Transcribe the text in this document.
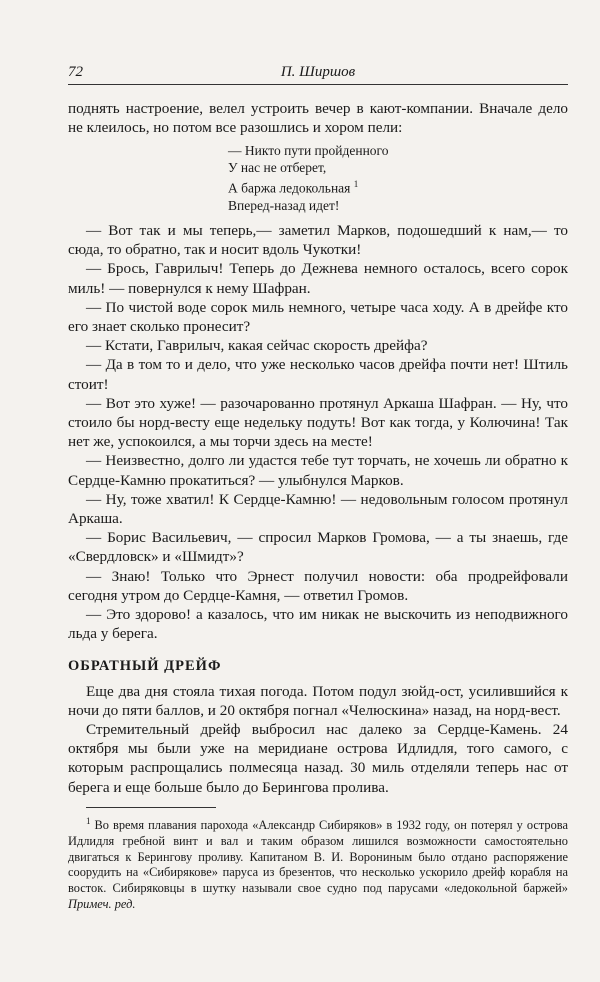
72	П. Ширшов

поднять настроение, велел устроить вечер в кают-компании. Вначале дело не клеилось, но потом все разошлись и хором пели:

— Никто пути пройденного
У нас не отберет,
А баржа ледокольная $^1$
Вперед-назад идет!

— Вот так и мы теперь,— заметил Марков, подошедший к нам,— то сюда, то обратно, так и носит вдоль Чукотки!

— Брось, Гаврилыч! Теперь до Дежнева немного осталось, всего сорок миль! — повернулся к нему Шафран.

— По чистой воде сорок миль немного, четыре часа ходу. А в дрейфе кто его знает сколько пронесит?

— Кстати, Гаврилыч, какая сейчас скорость дрейфа?

— Да в том то и дело, что уже несколько часов дрейфа почти нет! Штиль стоит!

— Вот это хуже! — разочарованно протянул Аркаша Шафран. — Ну, что стоило бы норд-весту еще недельку подуть! Вот как тогда, у Колючина! Так нет же, успокоился, а мы торчи здесь на месте!

— Неизвестно, долго ли удастся тебе тут торчать, не хочешь ли обратно к Сердце-Камню прокатиться? — улыбнулся Марков.

— Ну, тоже хватил! К Сердце-Камню! — недовольным голосом протянул Аркаша.

— Борис Васильевич, — спросил Марков Громова, — а ты знаешь, где «Свердловск» и «Шмидт»?

— Знаю! Только что Эрнест получил новости: оба продрейфовали сегодня утром до Сердце-Камня, — ответил Громов.

— Это здорово! а казалось, что им никак не выскочить из неподвижного льда у берега.

ОБРАТНЫЙ ДРЕЙФ

Еще два дня стояла тихая погода. Потом подул зюйд-ост, усилившийся к ночи до пяти баллов, и 20 октября погнал «Челюскина» назад, на норд-вест.

Стремительный дрейф выбросил нас далеко за Сердце-Камень. 24 октября мы были уже на меридиане острова Идлидля, того самого, с которым распрощались полмесяца назад. 30 миль отделяли теперь нас от берега и еще больше было до Берингова пролива.

$^1$ Во время плавания парохода «Александр Сибиряков» в 1932 году, он потерял у острова Идлидля гребной винт и вал и таким образом лишился возможности самостоятельно двигаться к Берингову проливу. Капитаном В. И. Ворониным было отдано распоряжение соорудить на «Сибирякове» паруса из брезентов, что несколько ускорило дрейф корабля на восток. Сибиряковцы в шутку называли свое судно под парусами «ледокольной баржей» Примеч. ред.
